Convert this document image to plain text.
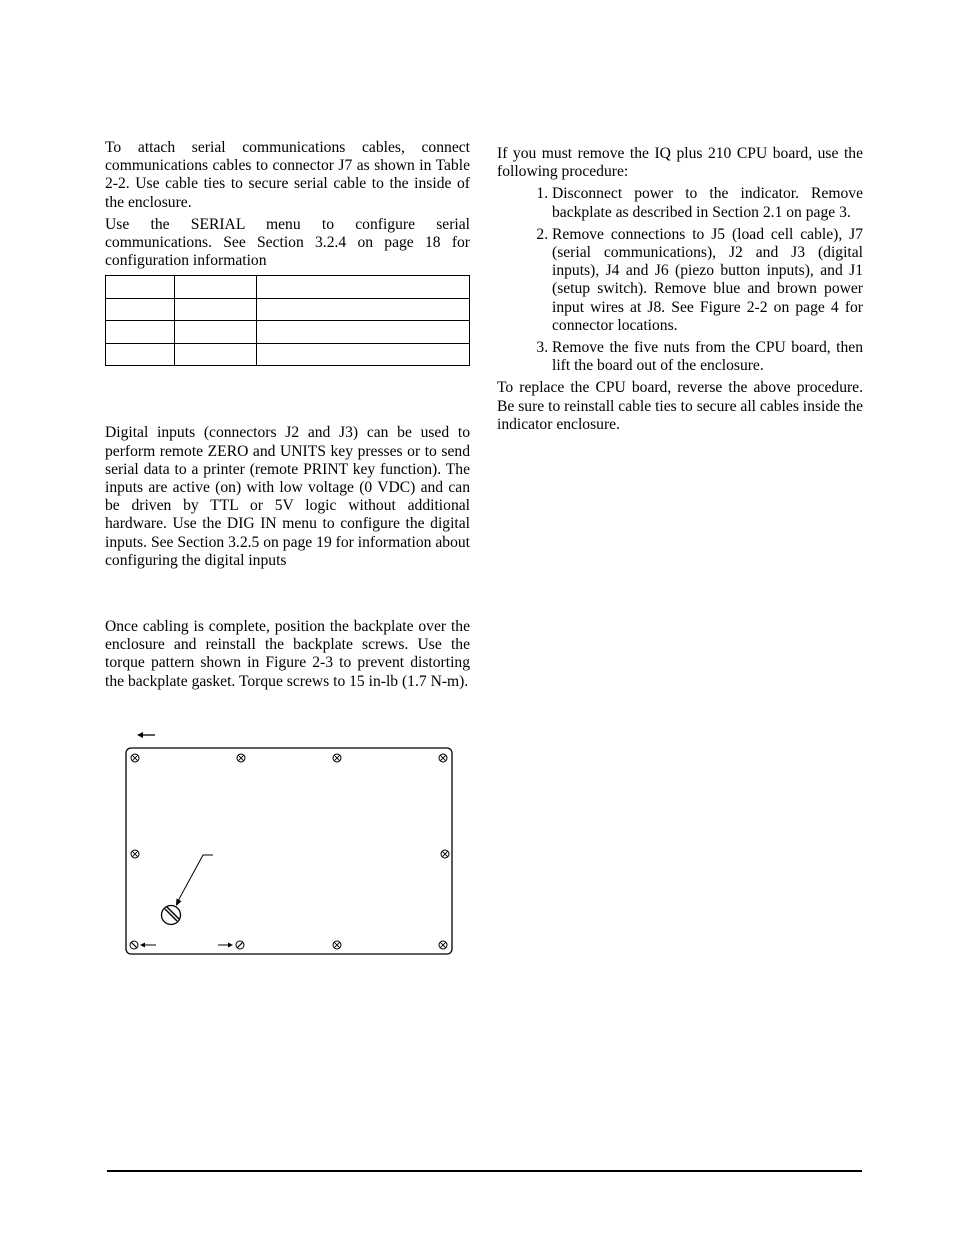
To attach serial communications cables, connect communications cables to connector J7 as shown in Table 2-2. Use cable ties to secure serial cable to the inside of the enclosure.

Use the SERIAL menu to configure serial communications. See Section 3.2.4 on page 18 for configuration information

Digital inputs (connectors J2 and J3) can be used to perform remote ZERO and UNITS key presses or to send serial data to a printer (remote PRINT key function). The inputs are active (on) with low voltage (0 VDC) and can be driven by TTL or 5V logic without additional hardware. Use the DIG IN menu to configure the digital inputs. See Section 3.2.5 on page 19 for information about configuring the digital inputs

Once cabling is complete, position the backplate over the enclosure and reinstall the backplate screws. Use the torque pattern shown in Figure 2-3 to prevent distorting the backplate gasket. Torque screws to 15 in-lb (1.7 N-m).

If you must remove the IQ plus 210 CPU board, use the following procedure:

1. Disconnect power to the indicator. Remove backplate as described in Section 2.1 on page 3.
2. Remove connections to J5 (load cell cable), J7 (serial communications), J2 and J3 (digital inputs), J4 and J6 (piezo button inputs), and J1 (setup switch). Remove blue and brown power input wires at J8. See Figure 2-2 on page 4 for connector locations.
3. Remove the five nuts from the CPU board, then lift the board out of the enclosure.

To replace the CPU board, reverse the above procedure. Be sure to reinstall cable ties to secure all cables inside the indicator enclosure.
